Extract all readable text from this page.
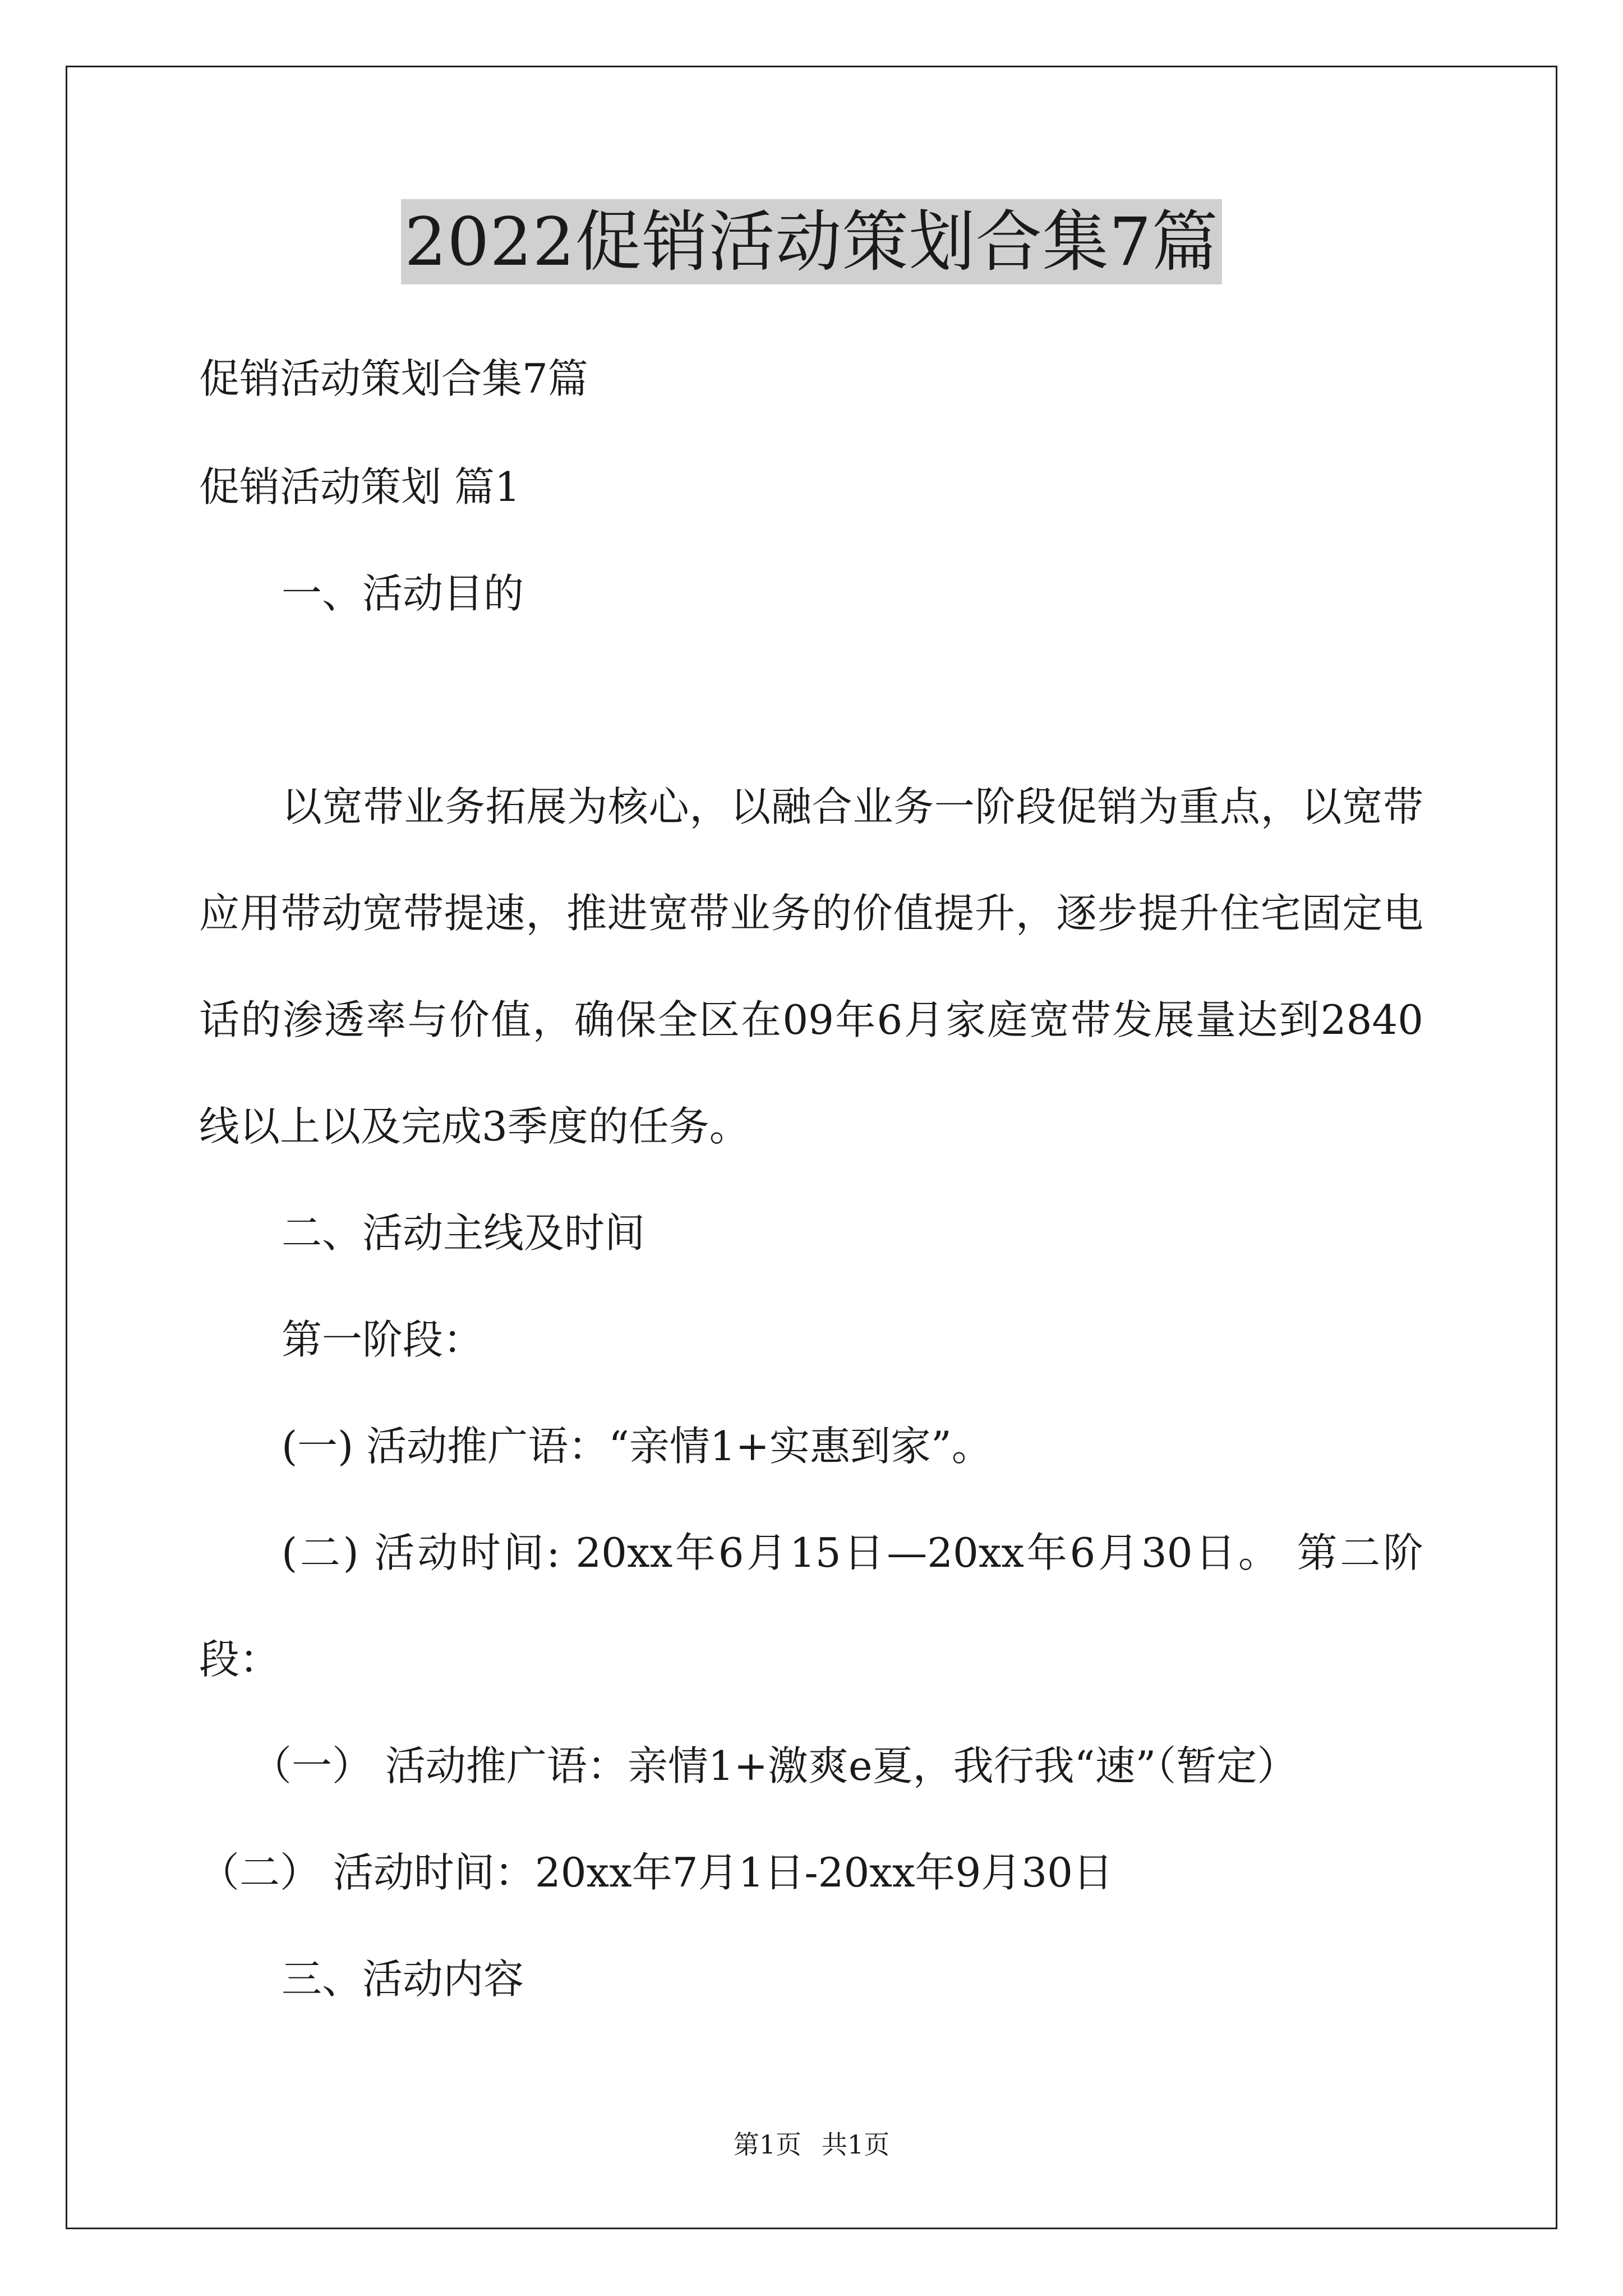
2022促销活动策划合集7篇
促销活动策划合集7篇
促销活动策划 篇1
一、活动目的
以宽带业务拓展为核心，以融合业务一阶段促销为重点，以宽带
应用带动宽带提速，推进宽带业务的价值提升，逐步提升住宅固定电
话的渗透率与价值，确保全区在09年6月家庭宽带发展量达到2840
线以上以及完成3季度的任务。
二、活动主线及时间
第一阶段：
(一) 活动推广语：“亲情1+实惠到家”。
(二) 活动时间: 20xx年6月15日—20xx年6月30日。 第二阶
段：
（一） 活动推广语：亲情1+激爽e夏，我行我“速”（暂定）
（二） 活动时间：20xx年7月1日-20xx年9月30日
三、活动内容
第1页 共1页
